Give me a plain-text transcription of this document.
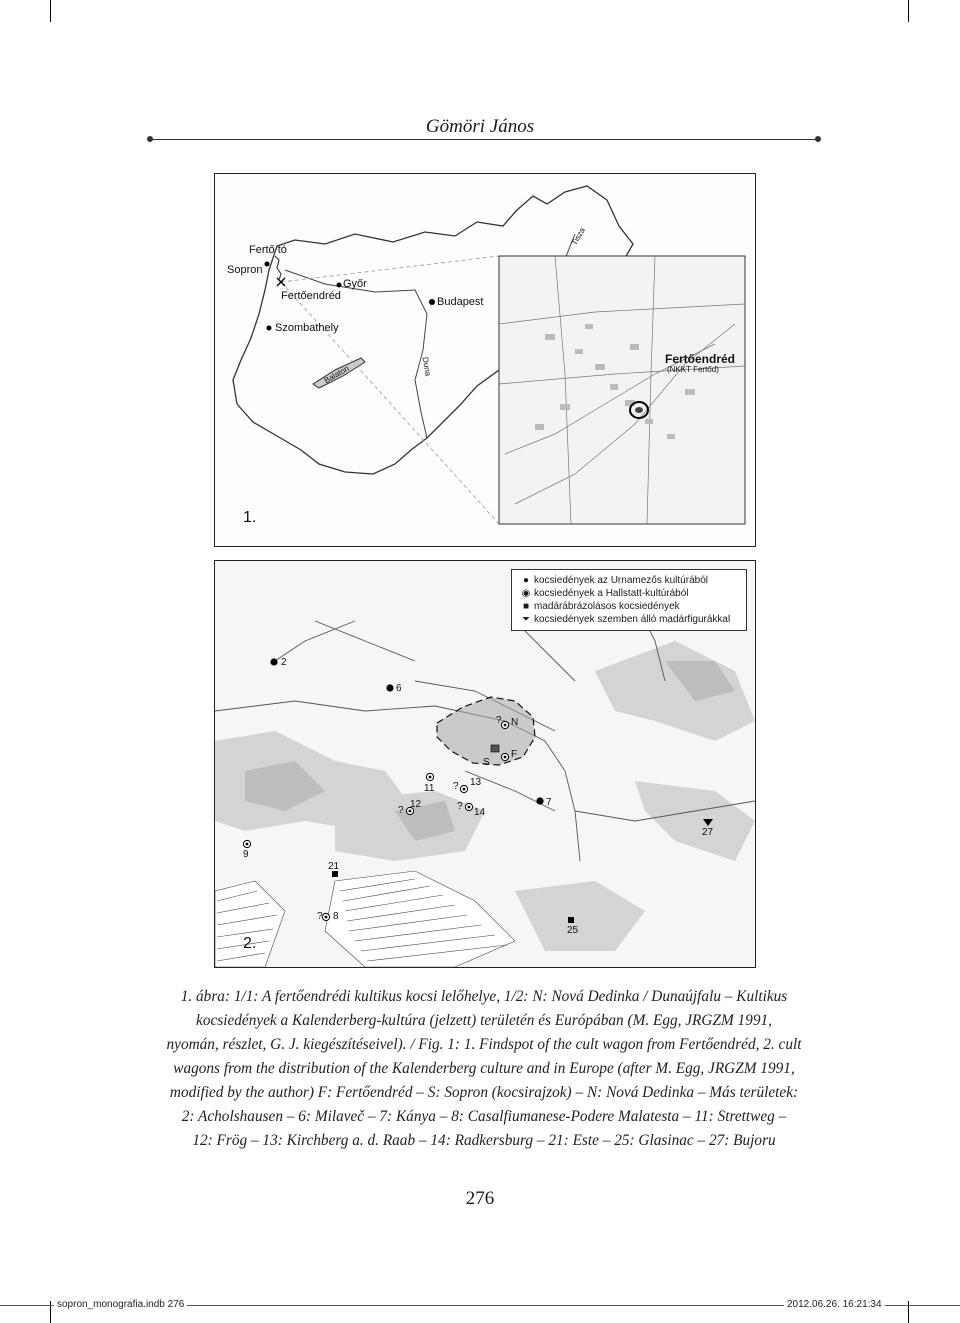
Gömöri János
Fertő tó
Sopron
Győr
Fertőendréd	Budapest
Szombathely
Balaton	Duna
Tisza
Fertőendréd
(NKKT Fertőd)
1.
● kocsiedények az Urnamezős kultúrából
◉ kocsiedények a Hallstatt-kultúrából
■ madárábrázolásos kocsiedények
⏷ kocsiedények szemben álló madárfigurákkal
2
6
? N
F
S
? 13
11
?
12	?
14
7
27
9
21
? 8
25
2.
1. ábra: 1/1: A fertőendrédi kultikus kocsi lelőhelye, 1/2: N: Nová Dedinka / Dunaújfalu – Kultikus
kocsiedények a Kalenderberg-kultúra (jelzett) területén és Európában (M. Egg, JRGZM 1991,
nyomán, részlet, G. J. kiegészítéseivel). / Fig. 1: 1. Findspot of the cult wagon from Fertőendréd, 2. cult
wagons from the distribution of the Kalenderberg culture and in Europe (after M. Egg, JRGZM 1991,
modified by the author) F: Fertőendréd – S: Sopron (kocsirajzok) – N: Nová Dedinka – Más területek:
2: Acholshausen – 6: Milaveč – 7: Kánya – 8: Casalfiumanese-Podere Malatesta – 11: Strettweg –
12: Frög – 13: Kirchberg a. d. Raab – 14: Radkersburg – 21: Este – 25: Glasinac – 27: Bujoru
276
sopron_monografia.indb 276	2012.06.26. 16:21:34
